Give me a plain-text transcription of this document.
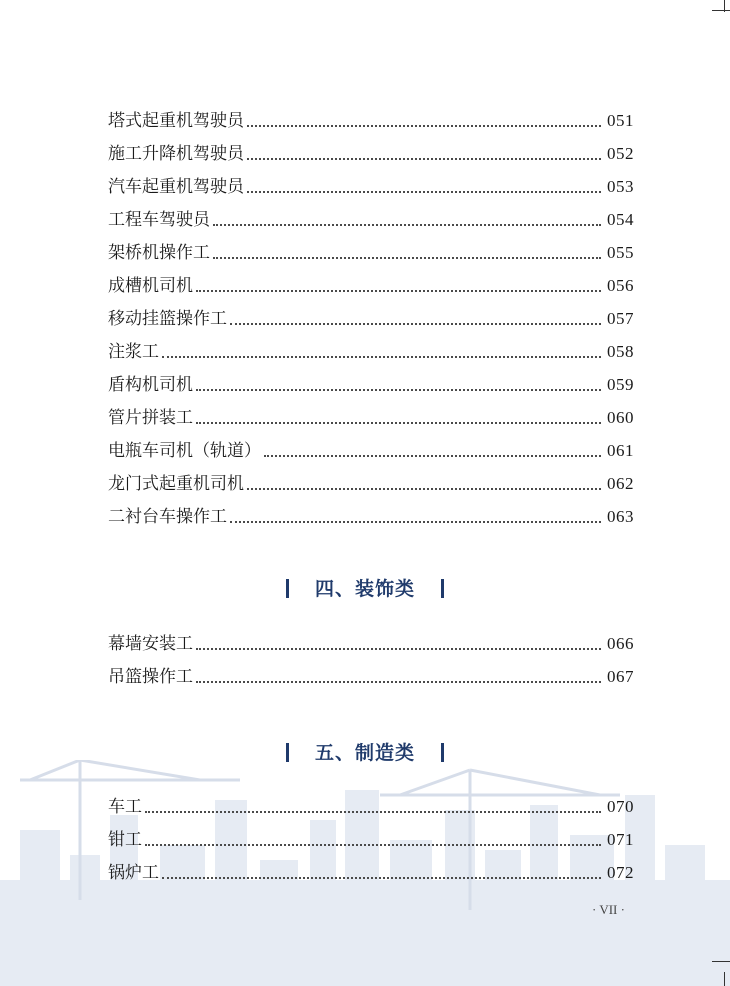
塔式起重机驾驶员	051
施工升降机驾驶员	052
汽车起重机驾驶员	053
工程车驾驶员	054
架桥机操作工	055
成槽机司机	056
移动挂篮操作工	057
注浆工	058
盾构机司机	059
管片拼装工	060
电瓶车司机（轨道）	061
龙门式起重机司机	062
二衬台车操作工	063
四、装饰类
幕墙安装工	066
吊篮操作工	067
五、制造类
车工	070
钳工	071
锅炉工	072
· VII ·
